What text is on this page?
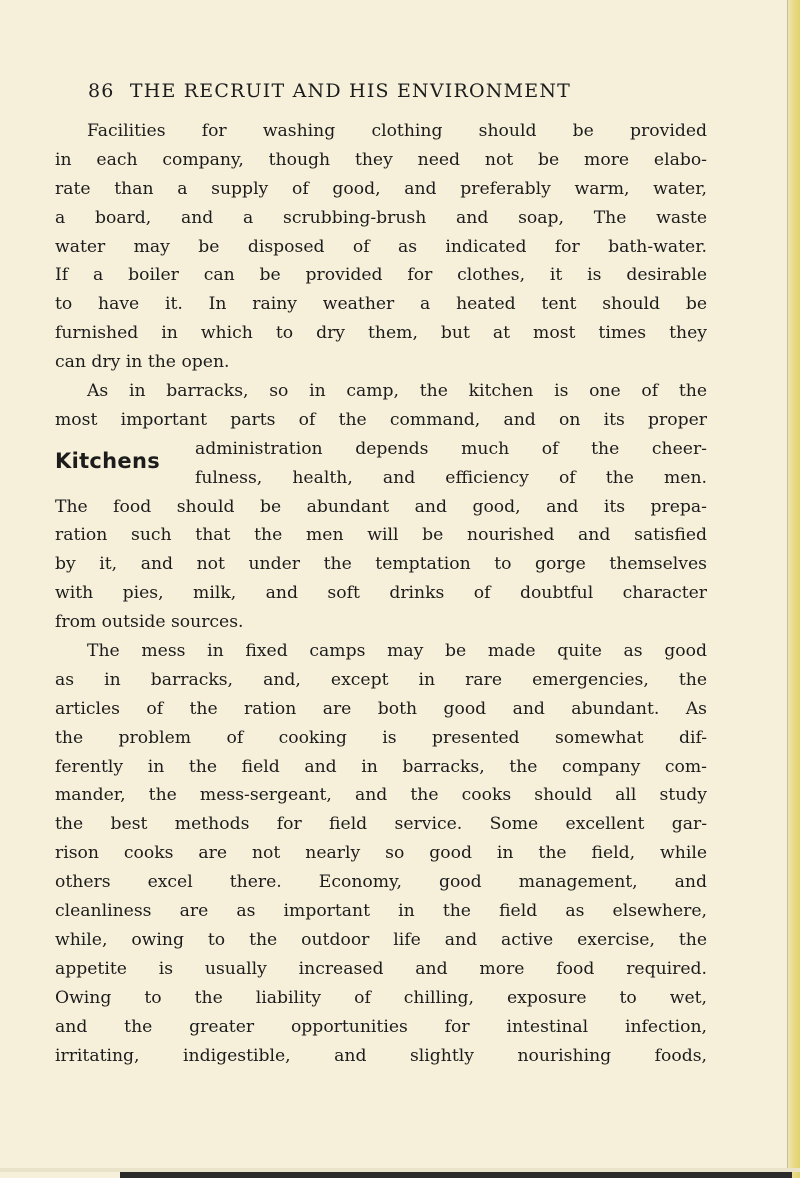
86 THE RECRUIT AND HIS ENVIRONMENT
Facilities for washing clothing should be provided
in each company, though they need not be more elabo-
rate than a supply of good, and preferably warm, water,
a board, and a scrubbing-brush and soap, The waste
water may be disposed of as indicated for bath-water.
If a boiler can be provided for clothes, it is desirable
to have it. In rainy weather a heated tent should be
furnished in which to dry them, but at most times they
can dry in the open.
As in barracks, so in camp, the kitchen is one of the
most important parts of the command, and on its proper
Kitchens administration depends much of the cheer-
fulness, health, and efficiency of the men.
The food should be abundant and good, and its prepa-
ration such that the men will be nourished and satisfied
by it, and not under the temptation to gorge themselves
with pies, milk, and soft drinks of doubtful character
from outside sources.
The mess in fixed camps may be made quite as good
as in barracks, and, except in rare emergencies, the
articles of the ration are both good and abundant. As
the problem of cooking is presented somewhat dif-
ferently in the field and in barracks, the company com-
mander, the mess-sergeant, and the cooks should all study
the best methods for field service. Some excellent gar-
rison cooks are not nearly so good in the field, while
others excel there. Economy, good management, and
cleanliness are as important in the field as elsewhere,
while, owing to the outdoor life and active exercise, the
appetite is usually increased and more food required.
Owing to the liability of chilling, exposure to wet,
and the greater opportunities for intestinal infection,
irritating, indigestible, and slightly nourishing foods,
